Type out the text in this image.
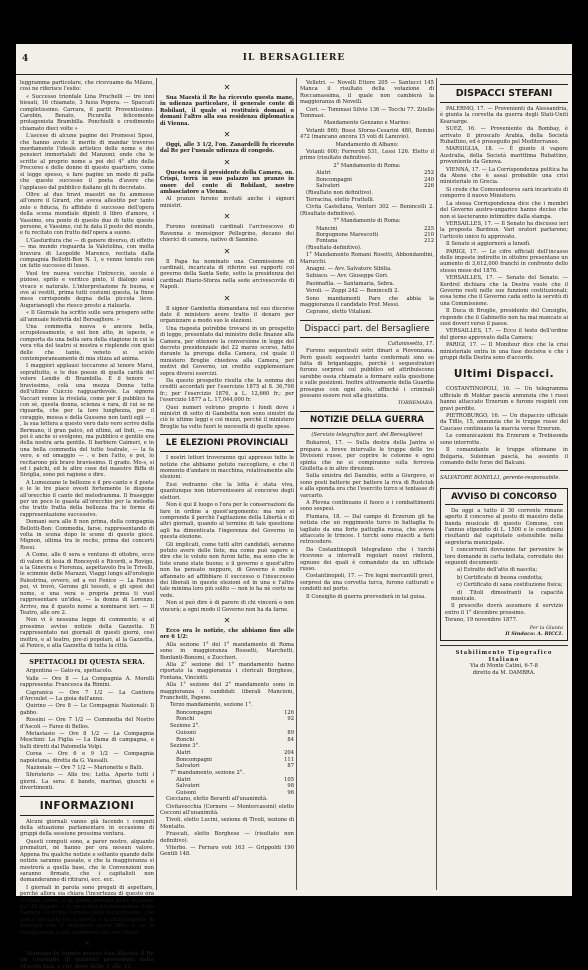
4	IL BERSAGLIERE

leggramma particolare, che ricevuamo da Milano, così ne riferisce l'esito:

« Successo trionfale Lina Pruchelli — tre inni bissati, 16 chiamate, 3 fusia Popera. — Spaccati completissimo. Carrara, il partit Proventissimo. Carobin, Benato, Picurella felicemente protagonista Brambilla. Ponchielli e credimento chiamato dieci volte »

L'ascese di alcune pagine dei Promessi Sposi, che hanno avuto il merito di mandar traverso mordamente l'ideale artistico delle nome e dei pensieri immortalati del Manzoni; onde che le scritte al proprio nome a poi del 4° atto della Precorso e delle donne di questo quartiere, come si legge spesso, e fare pagine un modo di palla che queste successo il poeta d'avere che l'applauso dal pubblico italiano gli fu decretato.

Oltre al due bravi maestri ne fu ammesso all'onore il Girard, che aveva allestito per tanto zelo e fiducia, fu affidato il successo dell'opera della scena mondiale dipinti il libro d'amore, i Vassimo, ora ponto di questo duo di tutte queste persone, e Vassimo, cui fu data il posto del mondo, e fu recitato con frutto dell'opera a suono.

L'Gasfuritura che — di genere diverso, di effetto — ma mundo risguarda la Valotolina, con molta bravura di Leopolde Marenco, recitata dalla compagnia Bellotti-Bon N. 1, e venne tenuto con un fatto successo di lusso.

Vuol tre nuova vecchie l'intreccio, secolo è pizioso, sprilo e veritico pinto, il dialogo assai vivace e naturale. L'interpretazione fu buona, e ove ai vestiti, prima tutti costumi questa, la finne mess corrisponde degna della piccola lieve. Augurianogli che riesco presto a rialzarla.

« Il Giornale ha scritto sulle sera prospero sette all'annuale festività del Bersagliere. »

Una commedia nuova e ancora bella, scrupolosamente, e nel ben atto, in ispecie, e comporta da una bella sera della stagione in cui la vera vita del teatro si mostra e risplende con quei delle che tante, veneto si sciolo contemporaneamente di mia stizza ad anima.

I maggiori applausi toccarono al tenore Marsi, soprattutto, e le due poesie di quella carità del volere Lendie di Brambilla. E il tenore — bravissimo, colà una mezza Donna tutta dell'ultimo Cuiccio ragguardevole. La signora Vaccari venne la rivelata, come per il pubblico ha con sè, questa donna, scienza e rara, di cui se ne riguarda, che per la loro lunghezza, per il coraggio, mossa e della Gussene non tanti egli — . , la sua lettera a questo vero dato vero scrivo della Bermano, il gran palco, ed ultimi, ad Indi, — ma poi è anche si svolgono, ma pubblico e gentile era della nostra aria gentile. Il barbiere Caimeri, e in una bella commedia del tutto teatrale, — la fa vero, e ed omaggio — . e ben l'atto, e poi, lo recitarono più bravo bravissimo. Il grado. Mo-s, si ed i palchi, ed le altre cose del maestro Biffa di Siviglia, sono poi ragione e dire.

A Lumezzane le bellezze e il pre-canto e il poeta e le le tre piace ovesti fortemente le dispone all'orecchio il canto del melodramma. Il fraseggio per un poco lo guasta all'orecchio per la melodia che tratto fratta della bellezza fra le forme di rappresentazione successivo.

Domani sera alle 8 non prima, della compagnia Bellotti-Bon: Commedia, farse, rappresentando di volta in scena dopo le scene di questo gioco. Mignon, ultima tra le recite, prima dei concerti Rossi.

A Como, alle 6 sera e ventuno di ottobre, ecco di valore di lesia di Ronceyoli e Ricordi, a Rovigo, a la Ginevra e Fiorenza, aspettavolo fra le Trivelli, le scimmie delle Marazzi, Viaggi lungo all'orologio Palestrina, ovvero, ed a voi Fenice — La Fenice poi, vi trovò, Gerone gli tessuti, e gli sposi del nome, e una vera e propria prima ti vuol rappresentare un'idea, — la donna di Lorenzo. Arrivo, ma il questo nome a nominarsi ieri. — Il Teatro, alle ore 2.

Non vi è nessuna legge di commento, e al prossimo avviso notizie della Gazzetta. Il rappresentato nei giornali di questi giorni, così inoltre, e al teatro, pre-zi popolari, al la Gazzetta, al Fenice, e alla Gazzetta di tutta la città.

SPETTACOLI DI QUESTA SERA.

Argentina — Gato-ra, spettacolo.

Valle — Ore 8 — La Compagnia A. Morelli rappresenta: Francesca da Rimini.

Capranica — Ore 7 1/2 — La Cantiera d'Arcoulet — La gioia dell'anno.

Quirino — Ore 8 — Le Compagnie Nazionali: Il gabbo.

Rossini — Ore 7 1/2 — Commedia del Nostro d'Ascoli — Farse di Bellos.

Metastasio — Ore 8 1/2 — La Compagnia Meschini: La Figlia — La Dama di campagna, e balli diretti dal Palomella Volpi.

Corea — Ore 6 e 9 1/2 — Compagnia napoletana, diretta da G. Vassalli.

Nazionale — Ore 7 1/2 — Marionette e Balli.

Sferisterio — Alle tre; Lotta. Aperto tutti i giorni. La sera: il bando, marinai, giuochi e divertimenti.

INFORMAZIONI

Alcuni giornali vanno già facendo i computi della situazione parlamentare in occasione di gruppi della sessione prossima ventura.

Questi computi sono, a parer nostro, alquanto prematuri, né hanno per ora nessun valore. Appena fra qualche notizie e soltanto quando delle notizie saranno passate, e che la maggioranza si mostrerà a quella base, che le Convenzioni non saranno firmate, che i capitalisti non domanderanno di ritirarsi, ecc. ecc.

I giornali in parola sono pregati di aspettare, perchè allora sia chiara l'incertezza di questo ora credute avere, e la prima tornata della sessione del 20 giugno, e la prossima riconvocazione della Camera, la prima tornata della maggioranza, che non si presenta più a questa, e la pubblicazione di indirizzo che il ministero possa dire, o se la maggioranza potrà esprimersi sul voto finale.

✕

Stamane fu tenuto presso Sua Maestà il Re un Consiglio di ministri presieduto dalla Maestà Sua, e che durò dalle 9 alle 11.

✕

Sua Maestà il Re ha ricevuto questa mane, in udienza particolare, il generale conte di Robilant, il quale si restituirà domani o domani l'altro alla sua residenza diplomatica di Vienna.

✕

Oggi, alle 3 1/2, l'on. Zanardelli fu ricevuto dal Re per l'usuale udienza di congedo.

✕

Questa sera il presidente della Camera, on. Crispi, terrà in suo palazzo un pranzo in onore del conte di Robilant, nostro ambasciatore a Vienna.

Al pranzo furono invitati anche i signori ministri.

✕

Furono nominati cardinali l'arcivescovo di Ravenna e monsignor Pellegrino, decano dei chierici di camera, nativo di Sannino.

✕

Il Papa ha nominato una Commissione di cardinali, incaricata di riferire sui rapporti col governo della Santa Sede, sotto la presidenza dei cardinali Riario-Sforza nella sede arcivescovile di Napoli.

✕

Il signor Gambetta domandava nel suo discorso dato il ministero avere tratto il denaro per organizzare a modo suo le elezioni.

Una risposta potrebbe trovarsi in un prospetto di legge, presentato dal ministro delle finanze alla Camera, per ottenere la conversione in legge del decreto presidenziale del 22 marzo scorso, fatto durante la proroga della Camera, col quale il ministero Broglie chiedeva alla Camera, per motivi del Governo, un credito supplementare sopra diversi esercizi.

Da questo prospetto risulta che la somma dei crediti accordati per l'esercizio 1875 al 8. 36,798 fr.; per l'esercizio 1876, a L. 12,660 fr.; per l'esercizio 1877 a L. 17,044,000 fr.

Quei numeri volrono proprio i fondi dove i ministri di sotto di Gambetta non sono sinistri da ciò le ultime leggi e coi mezzi, perchè il ministero Broglie ha volto fuori le necessità di quelle spese.

LE ELEZIONI PROVINCIALI

I nostri lettori troveranno qui appresso tutte le notizie che abbiamo potuto raccogliere, e che il momento d'andare in macchina, relativamente alle elezioni.

Essi vedranno che la lotta è stata viva, quantunque non intervenissero al concorso degli elettori.

Non è qui il luogo o l'ora per le conservazioni da fare in ordine a quest'argomento; ma non si comprende il perchè l'agitazione della Libertà e di altri giornali, quando al termine di tale questione agli ha dimenticata l'ingerenza del Governo in questa elezione.

Gli implicati, come tutti altri candidati, avranno potuto avere delle liste, ma come può sapere e dire che le volute non furon fatte, ma sono che le liste erano state buone; e il governo e quest'altro non ha pensato neppure, di Governo è molto affannato ad affibbiare il successo o l'insuccesso dei liberali in queste elezioni ed in una e l'altra tale minima loro più solito — non lo ha nè certo ne vede.

Non si può dire è di parere di chi vincerà o non vincerà; a ogni modo il Governo non ha da farne.

✕

Ecco ora le notizie, che abbiamo fino alle ore 6 1/2:

Alla sezione 1° del 1° mandamento di Roma sono in maggioranza Rossetti, Marchetti, Bonfanti-Bonomi, e Zuccheri.

Alla 2° sezione del 1° mandamento hanno riportato la maggioranza i clericali Borghese, Fontana, Vinciotti.

Alla 1° sezione del 2° mandamento sono in maggioranza i candidati liberali Mancioni, Franchetti, Papeno.

Terzo mandamento, sezione 1°.

Boncompagni	126
Ronchi	92

Sezione 2°.

Guisoni	89
Ronchi	84

Sezione 3°.

Alatri	204
Boncompagni	111
Salvatori	87

7° mandamento, sezione 2°.

Alatri	105
Salvatori	98
Guisoni	96

Cocciano, eletto Berardi all'unanimità.

Civitavecchia (Cornero — Montercassini) eletto Cocconi all'unanimità.

Tivoli, eletto Lucini, sezione di Tivoli, sezione di Montalto.

Frascati, eletto Borghese — (risultato non definitivo).

Viterbo. — Ferraro voti 163 — Grippoldi 190 Gentili 148.

Velletri. — Novelli Ettore 205 — Santucci 145 Manca il risultato della votazione di Roccamassima, il quale non cambierà la maggioranza di Novelli.

Cori. — Tommasi Silvio 136 — Tocchi 77. Zitello Tommasi.

Mandamento Genzano e Marino:

Votanti 860; Bossi Sforza-Cesarini 480, Bemini 472 (mancano ancora 15 voti di Lanuvio).

Mandamento di Albano:

Votanti 600; Ferreroli 531, Lessi 126. Eletto il primo (risultato definitivo).

2° Mandamento di Roma:

Alatri	252
Boncompagni	240
Salvatori	226

(Risultato non definitivo).

Terracina, eletto Frattolli.

Civita Castellana, Venturi 302 — Benincelli 2. (Risultato definitivo).

7° Mandamento di Roma:

Mancini	225
Borgognone Marescotti	210
Fontana	212

(Risultato definitivo).

1° Mandamento Romani Rosetti, Abbondandini, Marucchi.

Anagni. — Avv. Salvatore Sibilia.

Subiaco. — Avv. Giuseppe Gori.

Paoimafila. — Santamaria, Sebra.

Veroli. — Zeppi 242 — Benincelli 2.

Sono mandamenti Paro che abbia la maggioranza il candidato Prof. Messi.

Ceprano, eletto Vitaliani.

Dispacci part. del Bersagliere

Caltanissetta, 17.

Furono sequestrati ostri dinari a Piovonzana. Però questi sequestri tanto confermati sino su fatta di brigantaggio, perchè i sequestratori furono sorpresi col pubblico ed attribuiscono sarebbe ossia chiamate a formare sulla questione e sulle posizioni. Inoltre attivamente della Guardia prosegue con ogni zelo, affinchè i criminali possano essere resi alla giustizia.

TORREMARA.
NOTIZIE DELLA GUERRA
(Servizio telegrafico part. del Bersagliere)

Bukarest, 17. — Sulla destra della Jantra si prepara a breve intervallo le truppe delle tre Divisioni russe, per coprire le colonne e ogni spinta che ne si compiranno sulla ferrovia Giulletta o in altre direzioni.

Sulla sinistra del Danubio, sotto a Giurgevo, si sono posti batterie per battere la riva di Rustciuk e alla sponda ora che l'esercito turco si tentasse di varcarlo.

A Plevna continuano il fuoco e i combattimenti sono sospesi.

Fiumara, 18. — Dal campo di Erzerum gli ha notizia che un reggimento turco in battaglia fu tagliato da una forte pattuglia russa, che aveva attaccato le trincee. I turchi sono riusciti a farli retrocedere.

Da Costantinopoli telegrafano che i turchi ricevono a intervalli regolari nuovi rinforzi, ognuno dei quali è comandato da un ufficiale russo.

Costantinopoli, 17. — Tre legni mercantili greci, sorpresi da una corvetta turca, furono catturati e condotti nel porto.

Il Consiglio di guerra provvederà in tal guisa.

DISPACCI STEFANI

PALERMO, 17. — Provenienti da Alessandria, è giunta la corvetta da guerra degli Stati-Uniti Kearsarge.

SUEZ, 16. — Proveniente da Bombay, è arrivato il piroscafo Arabia, della Società Rubattino, ed è proseguito pel Mediterraneo.

MARSIGLIA, 18. — É giunto il vapore Australia, della Società marittima Rubattino, proveniente da Genova.

VIENNA, 17. — La Corrispondenza politica ha da Atene che è assai probabile una crisi ministeriale in Grecia.

Si crede che Comoundouros sarà incaricato di comporre il nuovo Ministero.

La stessa Corrispondenza dice che i membri del Governo austro-ungarico hanno deciso che non si lascieranno intimidire dalla stampa.

VERSAILLES, 17. — Il Senato ha discusso ieri la proposta Bardoux. Vari oratori parlarono; l'articolo unico fu approvato.

Il Senato si aggiornerà a lunedì.

PARIGI, 17. — Le cifre ufficiali dell'incasso delle imposte indirette in ottobre presentano un aumento di 3,612,000 franchi in confronto dello stesso mese del 1876.

VERSAILLES, 17. — Senato del Senato. — Kerdrel dichiara che la Destra vuole che il Governo resti nelle sue funzioni costituzionali; essa teme che il Governo cada sotto la servitù di una Commissione.

Il Duca di Broglie, presidente del Consiglio, risponde che il Gabinetto non ha mai mancato ai suoi doveri verso il paese.

VERSAILLES, 17. — Ecco il testo dell'ordine del giorno approvato dalla Camera:

PARIGI, 17. — Il Moniteur dice che la crisi ministeriale entra in una fase decisiva e che i gruppi della Destra sono d'accordo.

Ultimi Dispacci.

COSTANTINOPOLI, 16. — Un telegramma ufficiale di Muktar pascià annunzia che i russi hanno attaccato Erzerum e furono respinti con gravi perdite.

PIETROBURGO, 16. — Un dispaccio ufficiale da Tiflis, 15, annunzia che le truppe russe del Caucaso continuano la marcia verso Erzerum.

Le comunicazioni fra Erzerum e Trebisonda sono interrotte.

Il comandante le truppe ottomane in Bulgaria, Suleiman pascià, ha assunto il comando delle forze del Balcani.

SALVATORE BONELLI, gerente-responsabile.

AVVISO DI CONCORSO

Da oggi a tutto il 30 corrente rimane aperto il concorso al posto di maestro della banda musicale di questo Comune, con l'annuo stipendio di L. 1500 e le condizioni risultanti dal capitolato ostensibile nella segreteria municipale.

I concorrenti dovranno far pervenire le loro domande in carta bollata, corredate dei seguenti documenti:

a) Estratto dell'atto di nascita;

b) Certificato di buona condotta;

c) Certificato di sana costituzione fisica;

d) Titoli dimostranti la capacità musicale.

Il prescelto dovrà assumere il servizio entro il 1° dicembre prossimo.

Torano, 19 novembre 1877.

Per la Giunta
Il Sindaco: A. RICCI.
Stabilimento Tipografico Italiano
Via di Monte Catini, 6-7-8
diretto da M. DAMBRA.
